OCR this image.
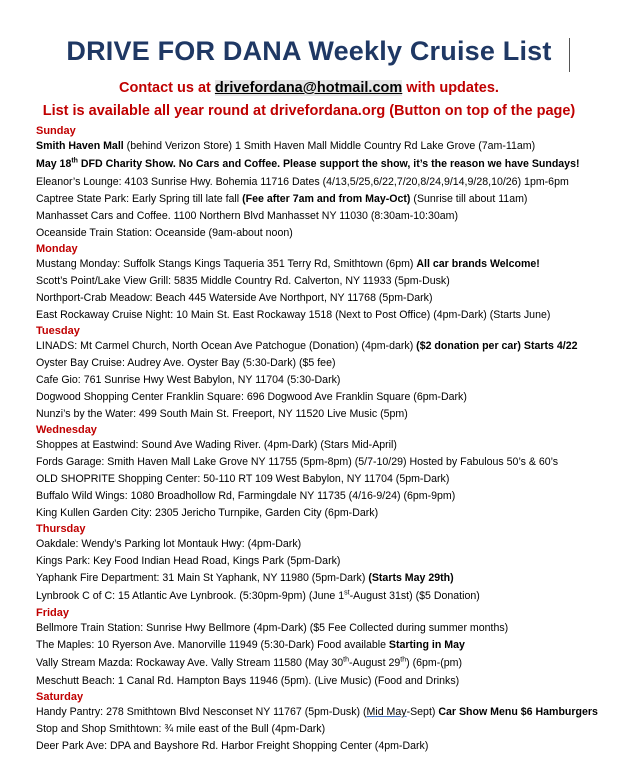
DRIVE FOR DANA Weekly Cruise List
Contact us at drivefordana@hotmail.com with updates.
List is available all year round at drivefordana.org (Button on top of the page)
Sunday
Smith Haven Mall (behind Verizon Store) 1 Smith Haven Mall Middle Country Rd Lake Grove (7am-11am)
May 18th DFD Charity Show. No Cars and Coffee. Please support the show, it’s the reason we have Sundays!
Eleanor’s Lounge: 4103 Sunrise Hwy. Bohemia 11716 Dates (4/13,5/25,6/22,7/20,8/24,9/14,9/28,10/26) 1pm-6pm
Captree State Park: Early Spring till late fall (Fee after 7am and from May-Oct) (Sunrise till about 11am)
Manhasset Cars and Coffee. 1100 Northern Blvd Manhasset NY 11030 (8:30am-10:30am)
Oceanside Train Station: Oceanside (9am-about noon)
Monday
Mustang Monday: Suffolk Stangs Kings Taqueria 351 Terry Rd, Smithtown (6pm) All car brands Welcome!
Scott’s Point/Lake View Grill: 5835 Middle Country Rd. Calverton, NY 11933 (5pm-Dusk)
Northport-Crab Meadow: Beach 445 Waterside Ave Northport, NY 11768 (5pm-Dark)
East Rockaway Cruise Night: 10 Main St. East Rockaway 1518 (Next to Post Office) (4pm-Dark) (Starts June)
Tuesday
LINADS: Mt Carmel Church, North Ocean Ave Patchogue (Donation) (4pm-dark) ($2 donation per car) Starts 4/22
Oyster Bay Cruise: Audrey Ave. Oyster Bay (5:30-Dark) ($5 fee)
Cafe Gio: 761 Sunrise Hwy West Babylon, NY 11704 (5:30-Dark)
Dogwood Shopping Center Franklin Square: 696 Dogwood Ave Franklin Square (6pm-Dark)
Nunzi’s by the Water: 499 South Main St. Freeport, NY 11520 Live Music (5pm)
Wednesday
Shoppes at Eastwind: Sound Ave Wading River. (4pm-Dark) (Stars Mid-April)
Fords Garage: Smith Haven Mall Lake Grove NY 11755 (5pm-8pm) (5/7-10/29) Hosted by Fabulous 50’s & 60’s
OLD SHOPRITE Shopping Center: 50-110 RT 109 West Babylon, NY 11704 (5pm-Dark)
Buffalo Wild Wings: 1080 Broadhollow Rd, Farmingdale NY 11735 (4/16-9/24) (6pm-9pm)
King Kullen Garden City: 2305 Jericho Turnpike, Garden City (6pm-Dark)
Thursday
Oakdale: Wendy’s Parking lot Montauk Hwy: (4pm-Dark)
Kings Park: Key Food Indian Head Road, Kings Park (5pm-Dark)
Yaphank Fire Department: 31 Main St Yaphank, NY 11980 (5pm-Dark) (Starts May 29th)
Lynbrook C of C: 15 Atlantic Ave Lynbrook. (5:30pm-9pm) (June 1st-August 31st) ($5 Donation)
Friday
Bellmore Train Station: Sunrise Hwy Bellmore (4pm-Dark) ($5 Fee Collected during summer months)
The Maples: 10 Ryerson Ave. Manorville 11949 (5:30-Dark) Food available Starting in May
Vally Stream Mazda: Rockaway Ave. Vally Stream 11580 (May 30th-August 29th) (6pm-(pm)
Meschutt Beach: 1 Canal Rd. Hampton Bays 11946 (5pm). (Live Music) (Food and Drinks)
Saturday
Handy Pantry: 278 Smithtown Blvd Nesconset NY 11767 (5pm-Dusk) (Mid May-Sept) Car Show Menu $6 Hamburgers
Stop and Shop Smithtown: ¾ mile east of the Bull (4pm-Dark)
Deer Park Ave: DPA and Bayshore Rd. Harbor Freight Shopping Center (4pm-Dark)
